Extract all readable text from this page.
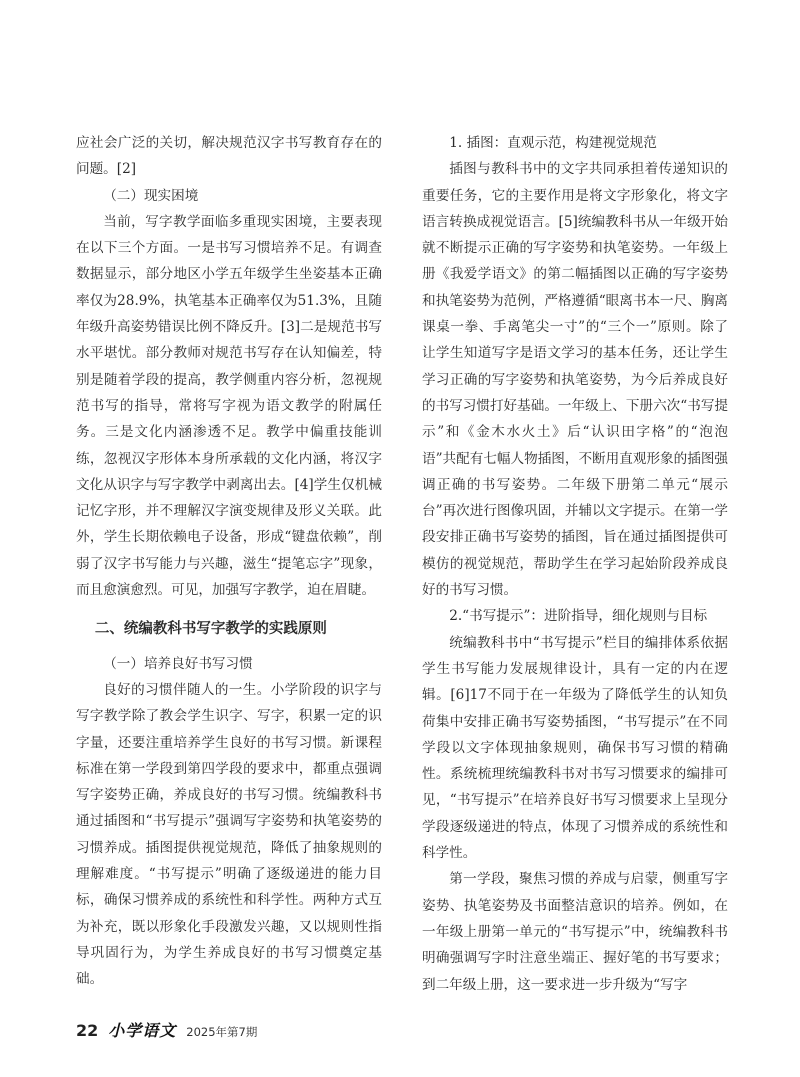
应社会广泛的关切，解决规范汉字书写教育存在的问题。[2]

（二）现实困境

当前，写字教学面临多重现实困境，主要表现在以下三个方面。一是书写习惯培养不足。有调查数据显示，部分地区小学五年级学生坐姿基本正确率仅为28.9%，执笔基本正确率仅为51.3%，且随年级升高姿势错误比例不降反升。[3]二是规范书写水平堪忧。部分教师对规范书写存在认知偏差，特别是随着学段的提高，教学侧重内容分析，忽视规范书写的指导，常将写字视为语文教学的附属任务。三是文化内涵渗透不足。教学中偏重技能训练，忽视汉字形体本身所承载的文化内涵，将汉字文化从识字与写字教学中剥离出去。[4]学生仅机械记忆字形，并不理解汉字演变规律及形义关联。此外，学生长期依赖电子设备，形成“键盘依赖”，削弱了汉字书写能力与兴趣，滋生“提笔忘字”现象，而且愈演愈烈。可见，加强写字教学，迫在眉睫。

二、统编教科书写字教学的实践原则

（一）培养良好书写习惯

良好的习惯伴随人的一生。小学阶段的识字与写字教学除了教会学生识字、写字，积累一定的识字量，还要注重培养学生良好的书写习惯。新课程标准在第一学段到第四学段的要求中，都重点强调写字姿势正确，养成良好的书写习惯。统编教科书通过插图和“书写提示”强调写字姿势和执笔姿势的习惯养成。插图提供视觉规范，降低了抽象规则的理解难度。“书写提示”明确了逐级递进的能力目标，确保习惯养成的系统性和科学性。两种方式互为补充，既以形象化手段激发兴趣，又以规则性指导巩固行为，为学生养成良好的书写习惯奠定基础。

1. 插图：直观示范，构建视觉规范

插图与教科书中的文字共同承担着传递知识的重要任务，它的主要作用是将文字形象化，将文字语言转换成视觉语言。[5]统编教科书从一年级开始就不断提示正确的写字姿势和执笔姿势。一年级上册《我爱学语文》的第二幅插图以正确的写字姿势和执笔姿势为范例，严格遵循“眼离书本一尺、胸离课桌一拳、手离笔尖一寸”的“三个一”原则。除了让学生知道写字是语文学习的基本任务，还让学生学习正确的写字姿势和执笔姿势，为今后养成良好的书写习惯打好基础。一年级上、下册六次“书写提示”和《金木水火土》后“认识田字格”的“泡泡语”共配有七幅人物插图，不断用直观形象的插图强调正确的书写姿势。二年级下册第二单元“展示台”再次进行图像巩固，并辅以文字提示。在第一学段安排正确书写姿势的插图，旨在通过插图提供可模仿的视觉规范，帮助学生在学习起始阶段养成良好的书写习惯。

2.“书写提示”：进阶指导，细化规则与目标

统编教科书中“书写提示”栏目的编排体系依据学生书写能力发展规律设计，具有一定的内在逻辑。[6]17不同于在一年级为了降低学生的认知负荷集中安排正确书写姿势插图，“书写提示”在不同学段以文字体现抽象规则，确保书写习惯的精确性。系统梳理统编教科书对书写习惯要求的编排可见，“书写提示”在培养良好书写习惯要求上呈现分学段逐级递进的特点，体现了习惯养成的系统性和科学性。

第一学段，聚焦习惯的养成与启蒙，侧重写字姿势、执笔姿势及书面整洁意识的培养。例如，在一年级上册第一单元的“书写提示”中，统编教科书明确强调写字时注意坐端正、握好笔的书写要求；到二年级上册，这一要求进一步升级为“写字

22 小学语文 2025年第7期
